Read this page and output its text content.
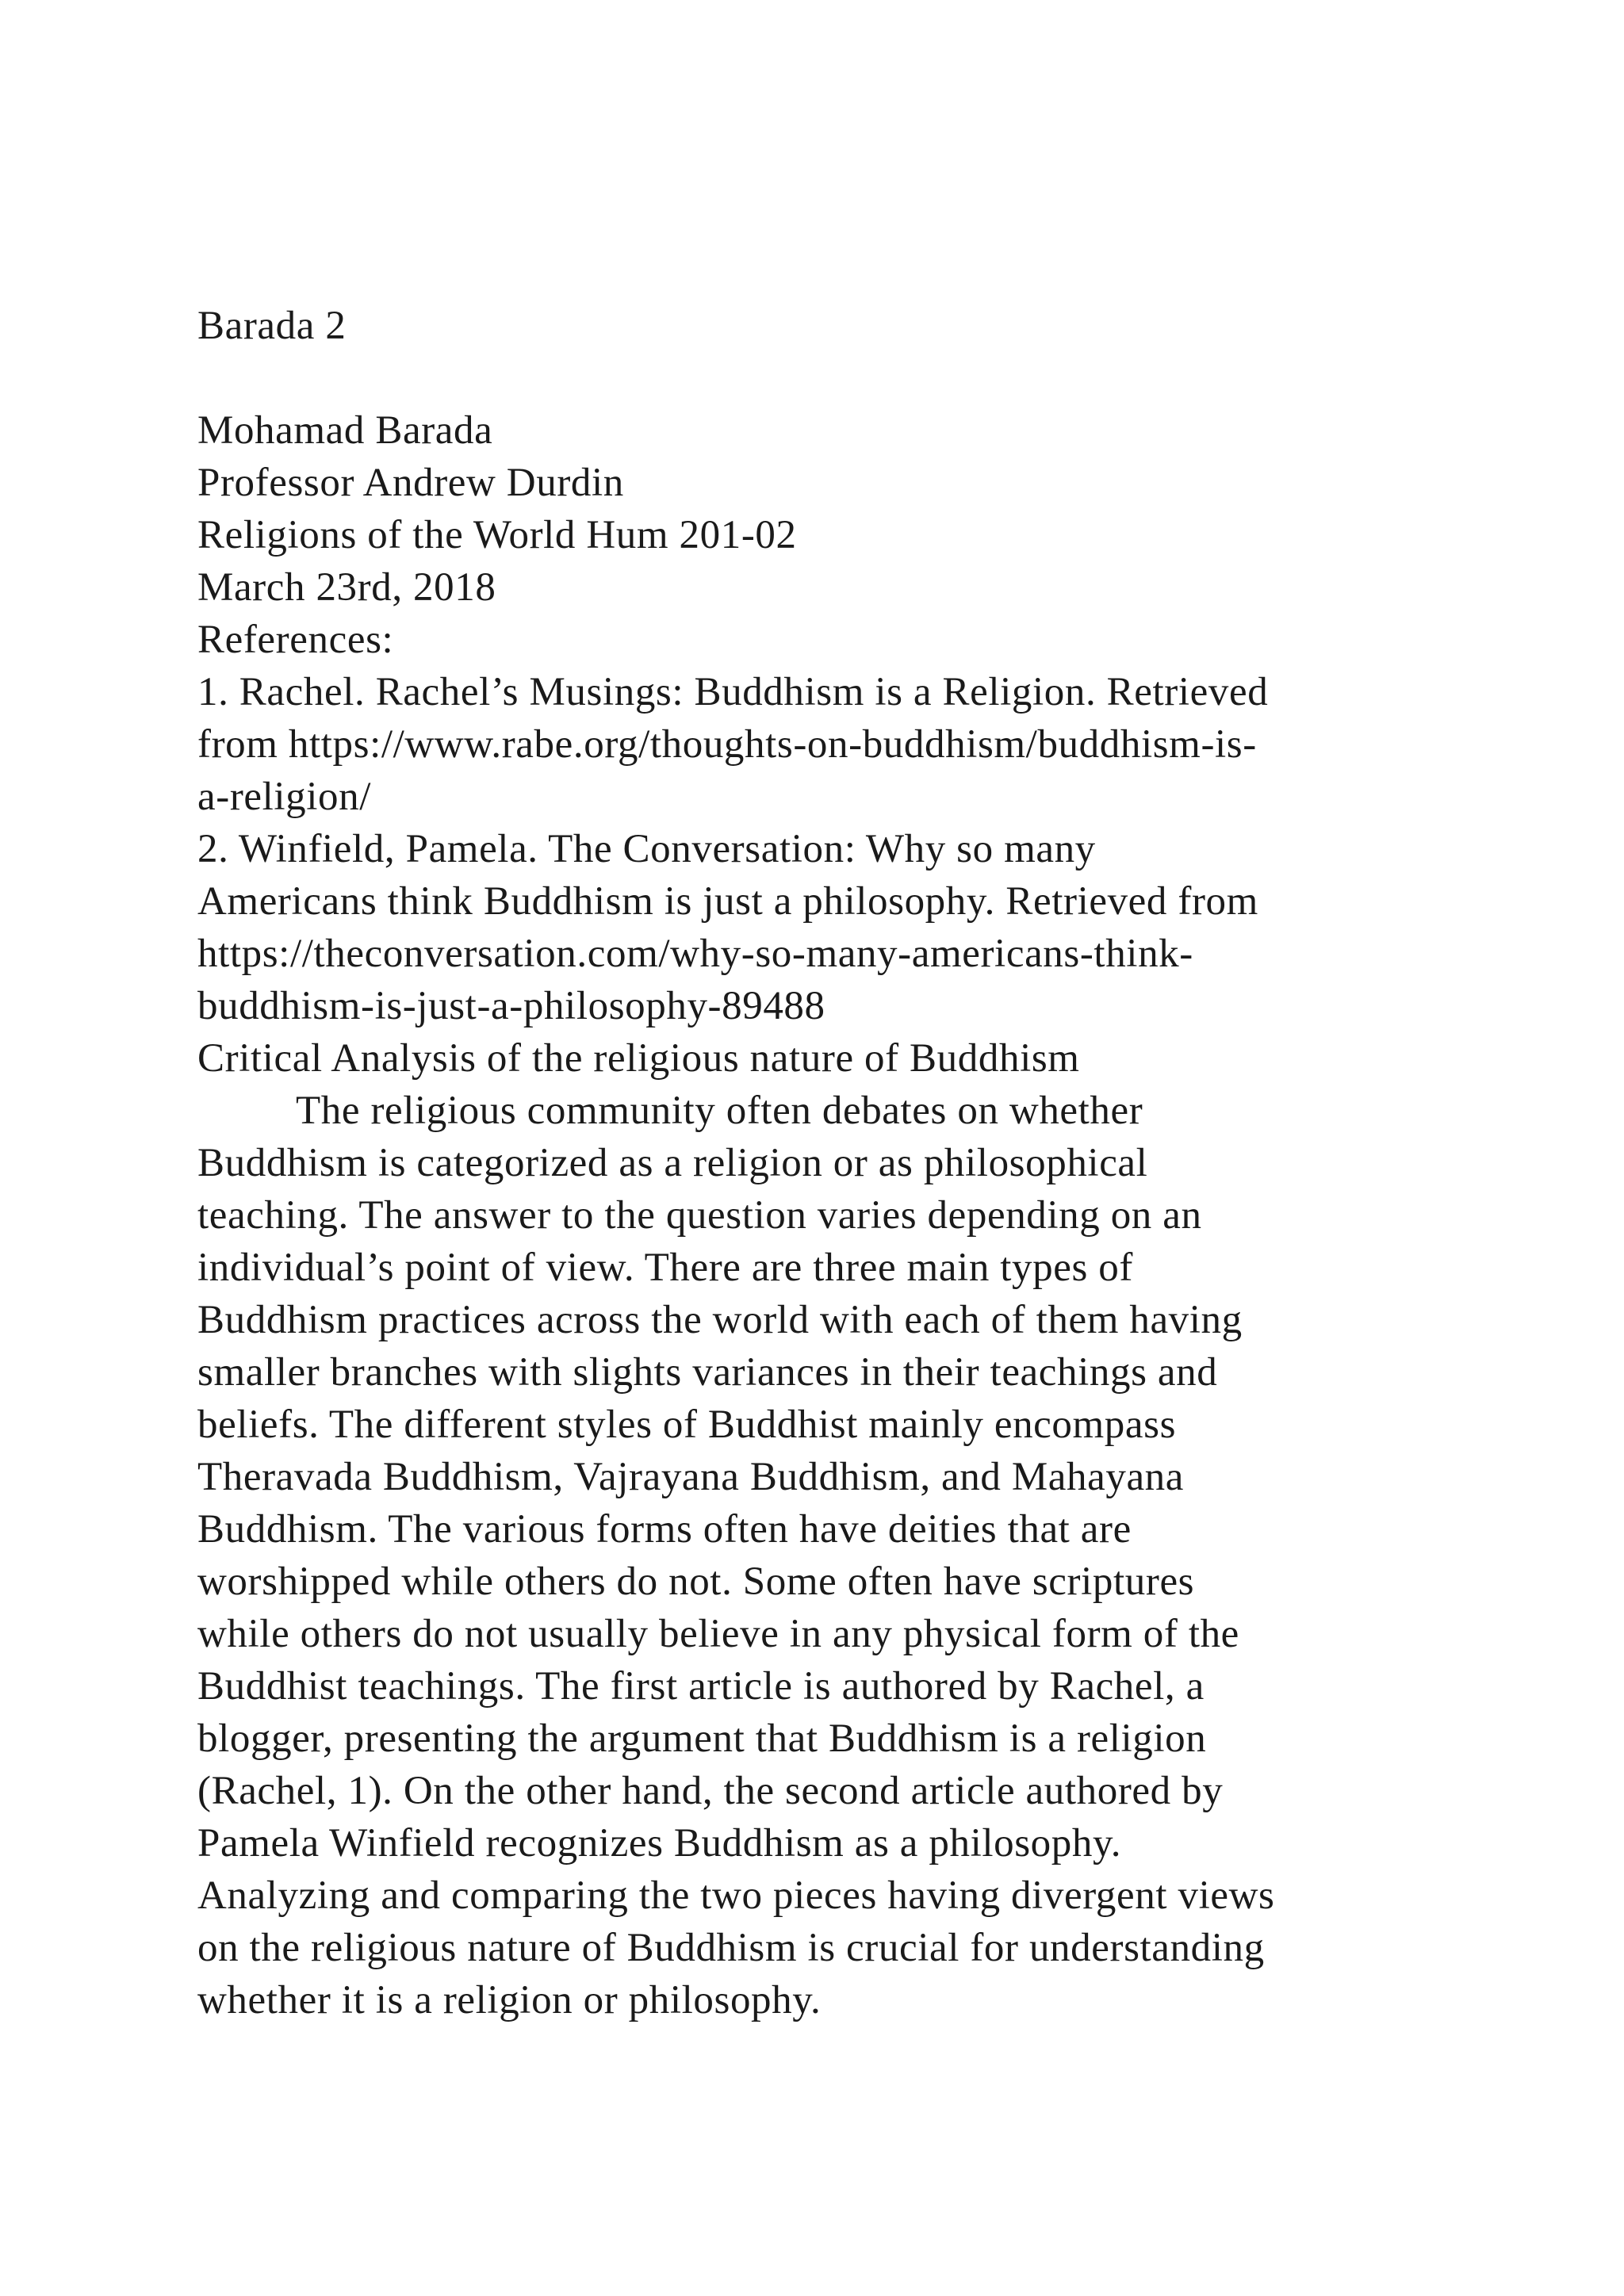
Barada 2
Mohamad Barada
Professor Andrew Durdin
Religions of the World Hum 201-02
March 23rd, 2018
References:
1. Rachel. Rachel’s Musings: Buddhism is a Religion. Retrieved
from https://www.rabe.org/thoughts-on-buddhism/buddhism-is-
a-religion/
2. Winfield, Pamela. The Conversation: Why so many
Americans think Buddhism is just a philosophy. Retrieved from
https://theconversation.com/why-so-many-americans-think-
buddhism-is-just-a-philosophy-89488
Critical Analysis of the religious nature of Buddhism
The religious community often debates on whether
Buddhism is categorized as a religion or as philosophical
teaching. The answer to the question varies depending on an
individual’s point of view. There are three main types of
Buddhism practices across the world with each of them having
smaller branches with slights variances in their teachings and
beliefs. The different styles of Buddhist mainly encompass
Theravada Buddhism, Vajrayana Buddhism, and Mahayana
Buddhism. The various forms often have deities that are
worshipped while others do not. Some often have scriptures
while others do not usually believe in any physical form of the
Buddhist teachings. The first article is authored by Rachel, a
blogger, presenting the argument that Buddhism is a religion
(Rachel, 1). On the other hand, the second article authored by
Pamela Winfield recognizes Buddhism as a philosophy.
Analyzing and comparing the two pieces having divergent views
on the religious nature of Buddhism is crucial for understanding
whether it is a religion or philosophy.
